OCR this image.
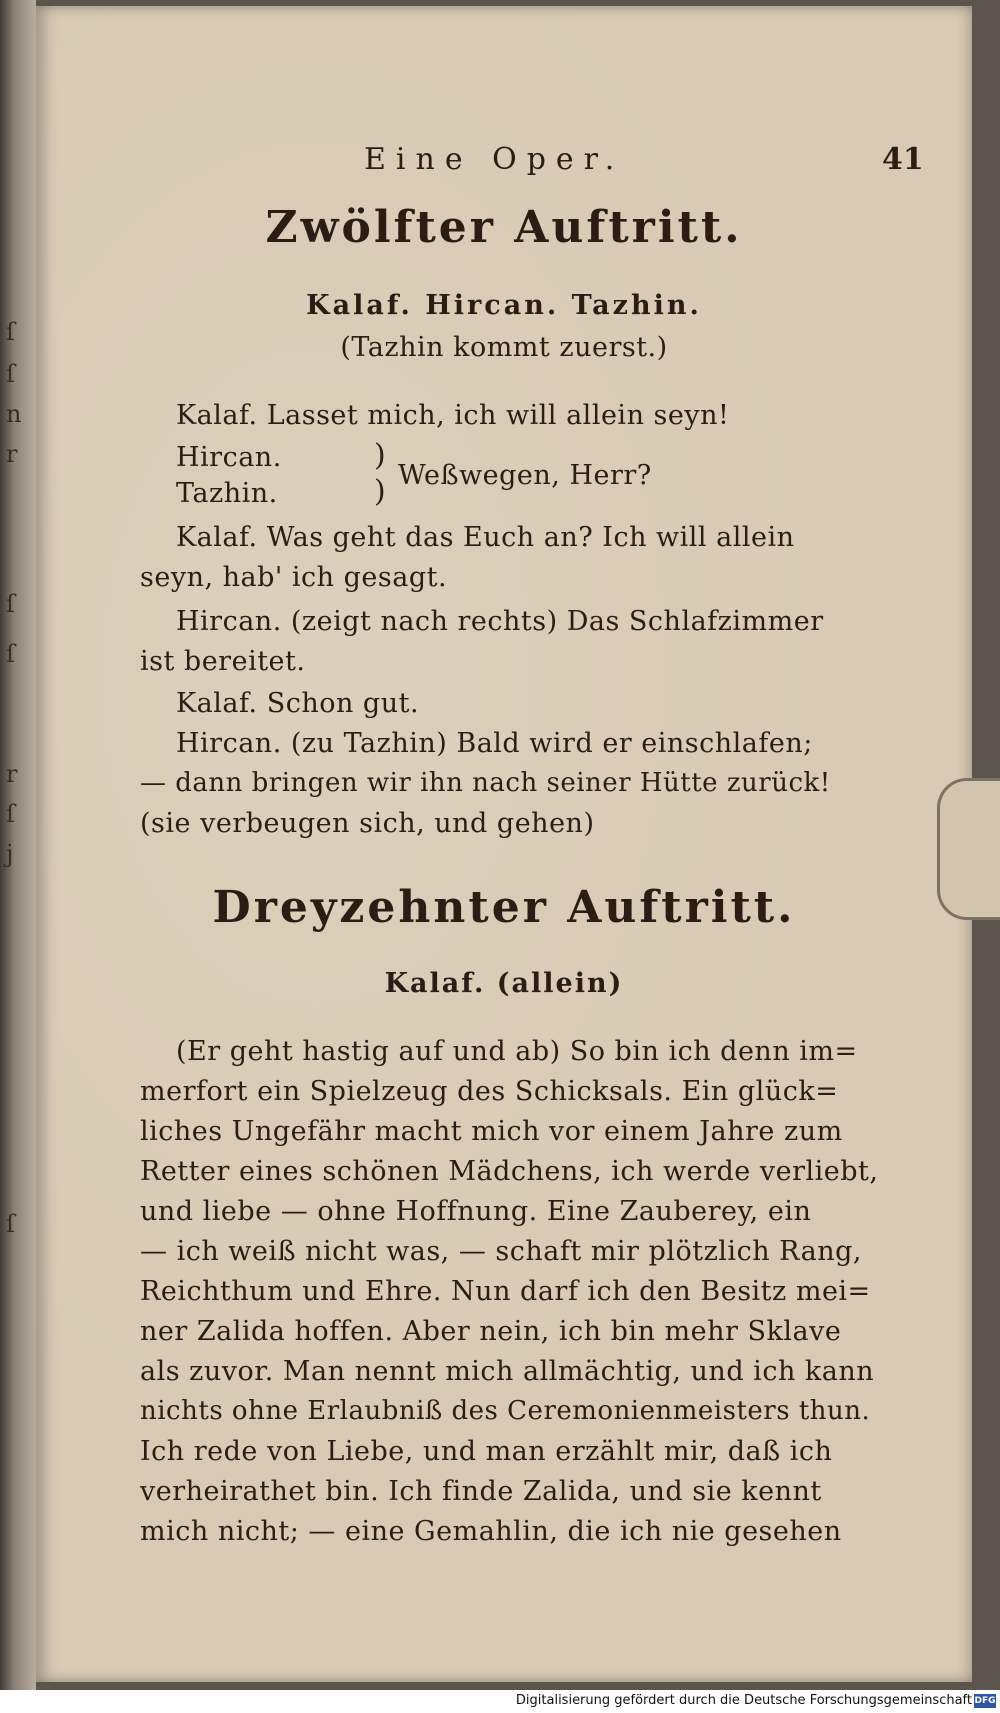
ſ
ſ
n
r
ſ
ſ
r
ſ
j
ſ
Eine Oper.	41
Zwölfter Auftritt.
Kalaf. Hircan. Tazhin.
(Tazhin kommt zuerst.)
Kalaf. Lasset mich, ich will allein seyn!
Hircan.	)
Weßwegen, Herr?
Tazhin.	)
Kalaf. Was geht das Euch an? Ich will allein
seyn, hab' ich gesagt.
Hircan. (zeigt nach rechts) Das Schlafzimmer
ist bereitet.
Kalaf. Schon gut.
Hircan. (zu Tazhin) Bald wird er einschlafen;
— dann bringen wir ihn nach seiner Hütte zurück!
(sie verbeugen sich, und gehen)
Dreyzehnter Auftritt.
Kalaf. (allein)
(Er geht hastig auf und ab) So bin ich denn im=
merfort ein Spielzeug des Schicksals. Ein glück=
liches Ungefähr macht mich vor einem Jahre zum
Retter eines schönen Mädchens, ich werde verliebt,
und liebe — ohne Hoffnung. Eine Zauberey, ein
— ich weiß nicht was, — schaft mir plötzlich Rang,
Reichthum und Ehre. Nun darf ich den Besitz mei=
ner Zalida hoffen. Aber nein, ich bin mehr Sklave
als zuvor. Man nennt mich allmächtig, und ich kann
nichts ohne Erlaubniß des Ceremonienmeisters thun.
Ich rede von Liebe, und man erzählt mir, daß ich
verheirathet bin. Ich finde Zalida, und sie kennt
mich nicht; — eine Gemahlin, die ich nie gesehen
Digitalisierung gefördert durch die Deutsche Forschungsgemeinschaft DFG
